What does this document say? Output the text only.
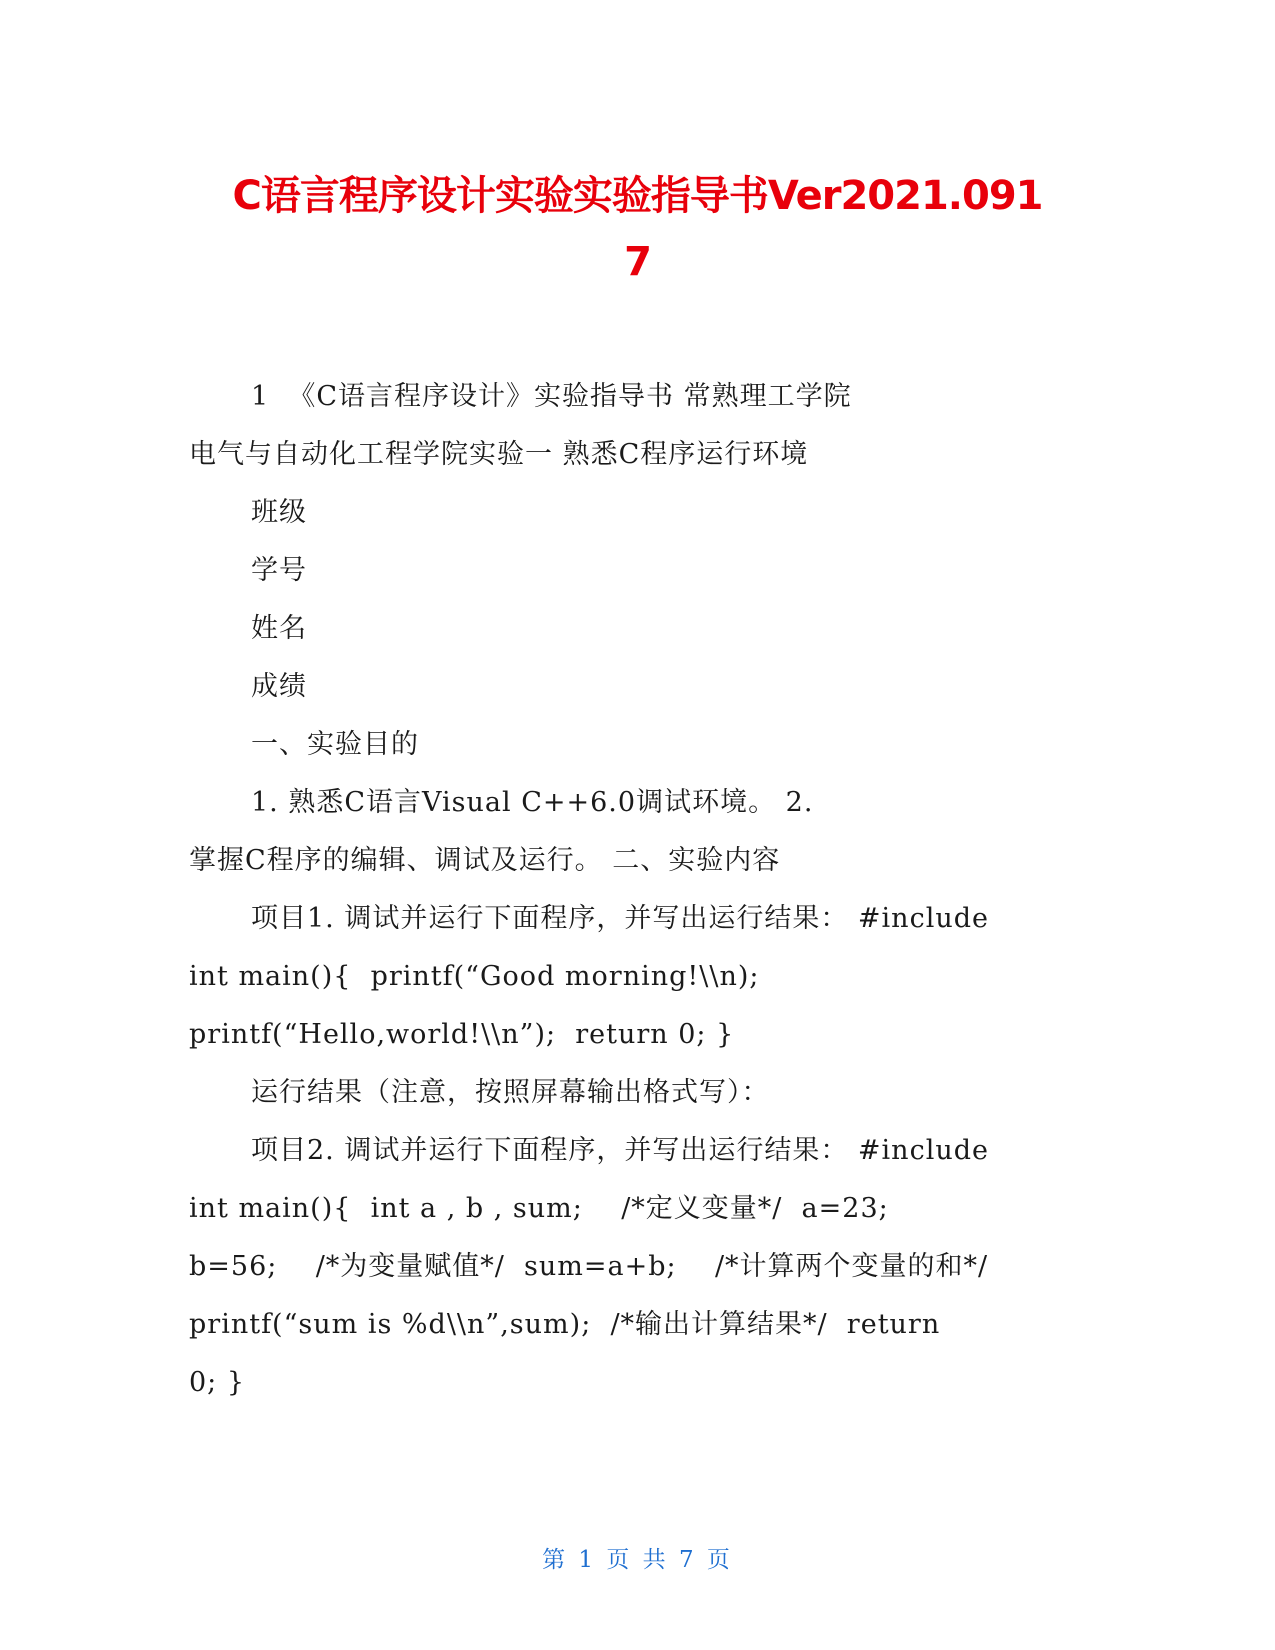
C语言程序设计实验实验指导书Ver2021.091
7
1  《C语言程序设计》实验指导书 常熟理工学院
电气与自动化工程学院实验一 熟悉C程序运行环境
班级
学号
姓名
成绩
一、实验目的
1. 熟悉C语言Visual C++6.0调试环境。 2.
掌握C程序的编辑、调试及运行。 二、实验内容
项目1. 调试并运行下面程序，并写出运行结果： #include
int main(){  printf(“Good morning!\\n);
printf(“Hello,world!\\n”);  return 0; }
运行结果（注意，按照屏幕输出格式写）：
项目2. 调试并运行下面程序，并写出运行结果： #include
int main(){  int a , b , sum;    /*定义变量*/  a=23;
b=56;    /*为变量赋值*/  sum=a+b;    /*计算两个变量的和*/
printf(“sum is %d\\n”,sum);  /*输出计算结果*/  return
0; }
第 1 页 共 7 页
